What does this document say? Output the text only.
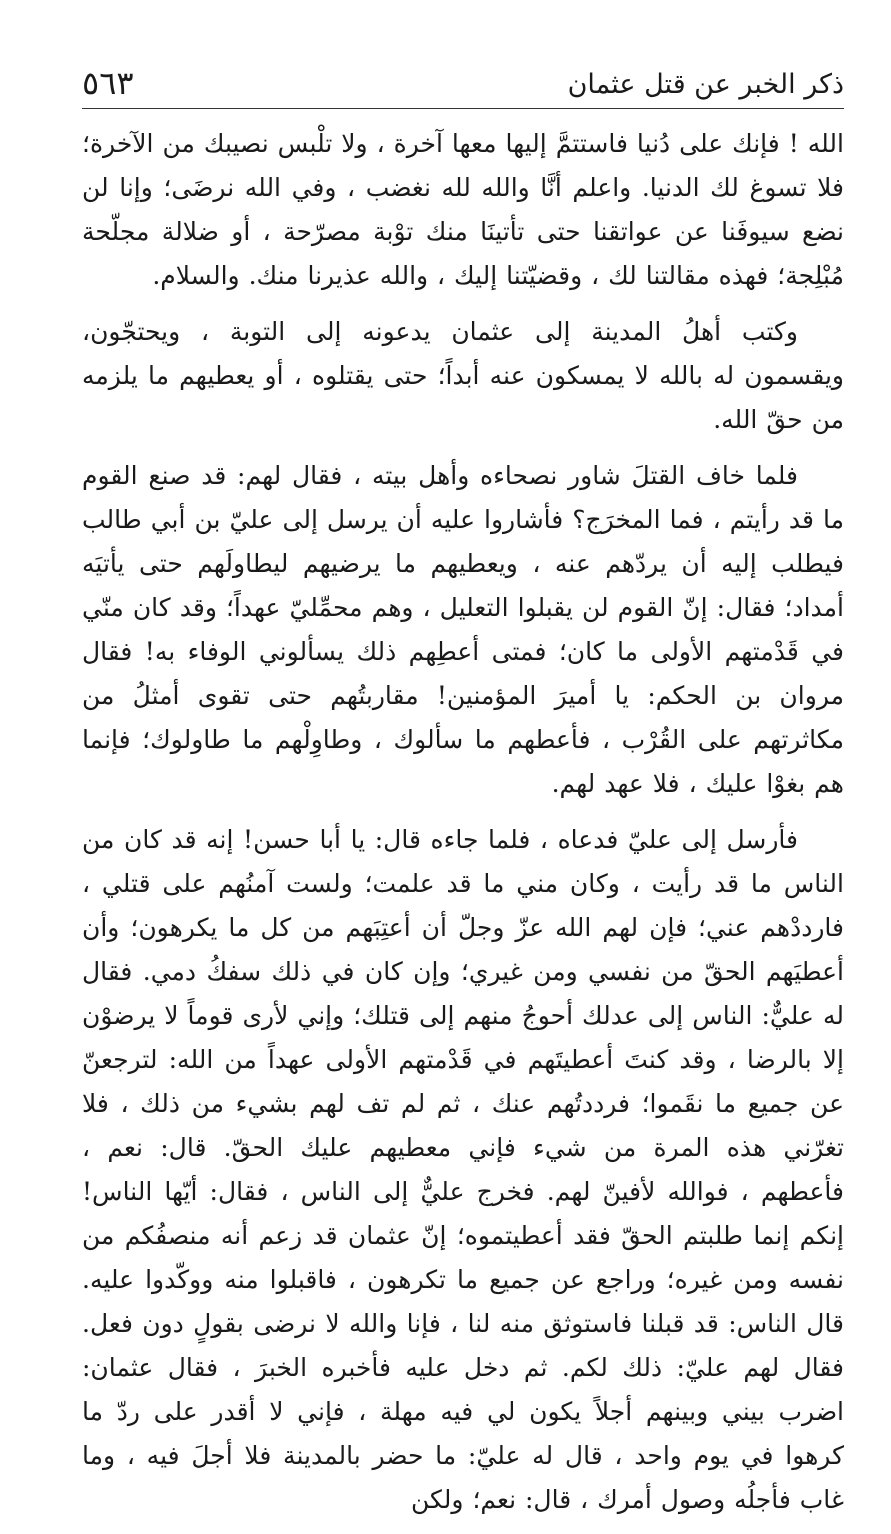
ذكر الخبر عن قتل عثمان
٥٦٣

الله ! فإنك على دُنيا فاستتمَّ إليها معها آخرة ، ولا تلْبس نصيبك من الآخرة؛ فلا تسوغ لك الدنيا. واعلم أنَّا والله لله نغضب ، وفي الله نرضَى؛ وإنا لن نضع سيوفَنا عن عواتقنا حتى تأتينَا منك توْبة مصرّحة ، أو ضلالة مجلّحة مُبْلِجة؛ فهذه مقالتنا لك ، وقضيّتنا إليك ، والله عذيرنا منك. والسلام.

وكتب أهلُ المدينة إلى عثمان يدعونه إلى التوبة ، ويحتجّون، ويقسمون له بالله لا يمسكون عنه أبداً؛ حتى يقتلوه ، أو يعطيهم ما يلزمه من حقّ الله.

فلما خاف القتلَ شاور نصحاءه وأهل بيته ، فقال لهم: قد صنع القوم ما قد رأيتم ، فما المخرَج؟ فأشاروا عليه أن يرسل إلى عليّ بن أبي طالب فيطلب إليه أن يردّهم عنه ، ويعطيهم ما يرضيهم ليطاولَهم حتى يأتيَه أمداد؛ فقال: إنّ القوم لن يقبلوا التعليل ، وهم محمِّليّ عهداً؛ وقد كان منّي في قَدْمتهم الأولى ما كان؛ فمتى أعطِهم ذلك يسألوني الوفاء به! فقال مروان بن الحكم: يا أميرَ المؤمنين! مقاربتُهم حتى تقوى أمثلُ من مكاثرتهم على القُرْب ، فأعطهم ما سألوك ، وطاوِلْهم ما طاولوك؛ فإنما هم بغوْا عليك ، فلا عهد لهم.

فأرسل إلى عليّ فدعاه ، فلما جاءه قال: يا أبا حسن! إنه قد كان من الناس ما قد رأيت ، وكان مني ما قد علمت؛ ولست آمنُهم على قتلي ، فارددْهم عني؛ فإن لهم الله عزّ وجلّ أن أعتِبَهم من كل ما يكرهون؛ وأن أعطيَهم الحقّ من نفسي ومن غيري؛ وإن كان في ذلك سفكُ دمي. فقال له عليٌّ: الناس إلى عدلك أحوجُ منهم إلى قتلك؛ وإني لأرى قوماً لا يرضوْن إلا بالرضا ، وقد كنتَ أعطيتَهم في قَدْمتهم الأولى عهداً من الله: لترجعنّ عن جميع ما نقَموا؛ فرددتُهم عنك ، ثم لم تف لهم بشيء من ذلك ، فلا تغرّني هذه المرة من شيء فإني معطيهم عليك الحقّ. قال: نعم ، فأعطهم ، فوالله لأفينّ لهم. فخرج عليٌّ إلى الناس ، فقال: أيّها الناس! إنكم إنما طلبتم الحقّ فقد أعطيتموه؛ إنّ عثمان قد زعم أنه منصفُكم من نفسه ومن غيره؛ وراجع عن جميع ما تكرهون ، فاقبلوا منه ووكّدوا عليه. قال الناس: قد قبلنا فاستوثق منه لنا ، فإنا والله لا نرضى بقولٍ دون فعل. فقال لهم عليّ: ذلك لكم. ثم دخل عليه فأخبره الخبرَ ، فقال عثمان: اضرب بيني وبينهم أجلاً يكون لي فيه مهلة ، فإني لا أقدر على ردّ ما كرهوا في يوم واحد ، قال له عليّ: ما حضر بالمدينة فلا أجلَ فيه ، وما غاب فأجلُه وصول أمرك ، قال: نعم؛ ولكن
